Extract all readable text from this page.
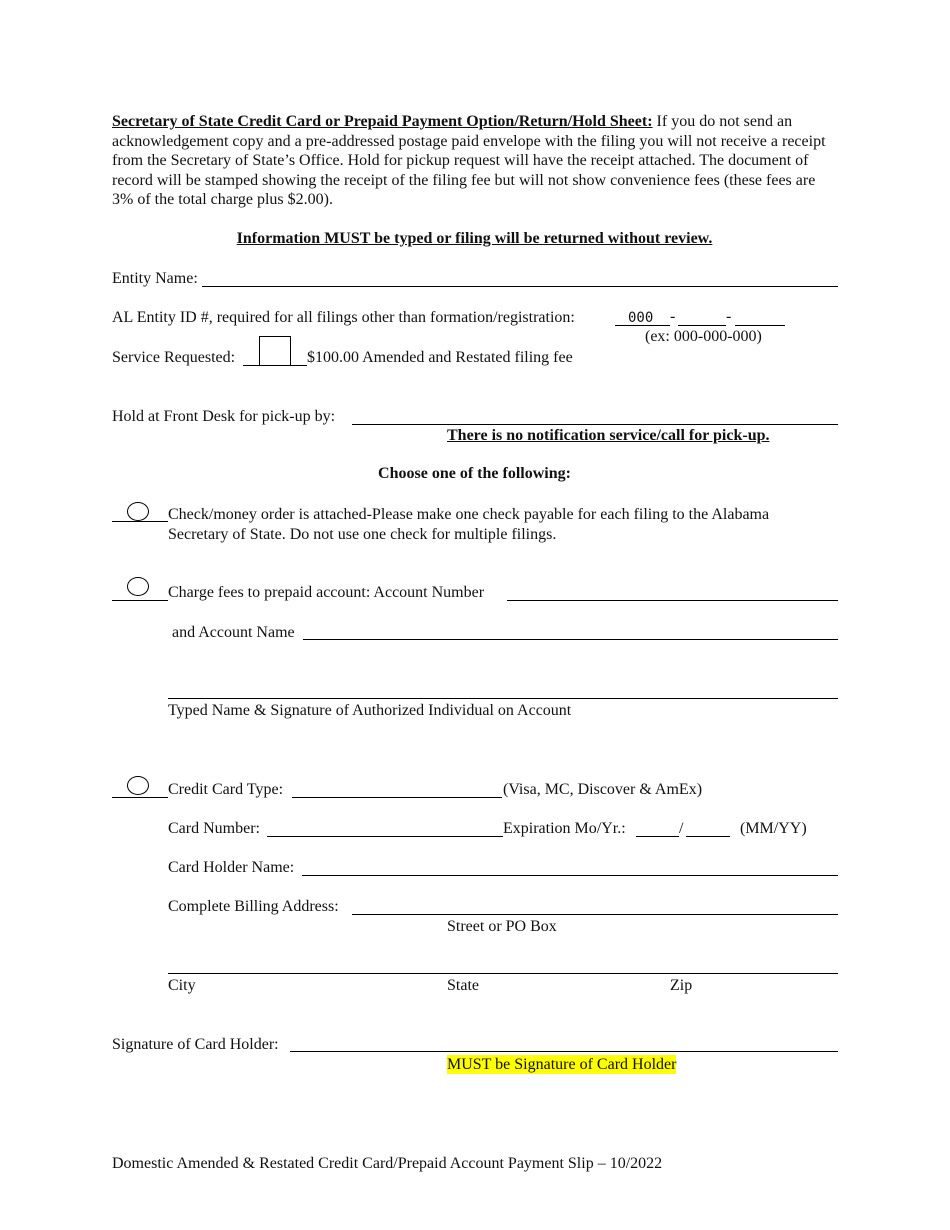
Secretary of State Credit Card or Prepaid Payment Option/Return/Hold Sheet: If you do not send an acknowledgement copy and a pre-addressed postage paid envelope with the filing you will not receive a receipt from the Secretary of State’s Office. Hold for pickup request will have the receipt attached. The document of record will be stamped showing the receipt of the filing fee but will not show convenience fees (these fees are 3% of the total charge plus $2.00).
Information MUST be typed or filing will be returned without review.
Entity Name:
AL Entity ID #, required for all filings other than formation/registration:	000 -	-
(ex: 000-000-000)
Service Requested:	$100.00 Amended and Restated filing fee
Hold at Front Desk for pick-up by:
There is no notification service/call for pick-up.
Choose one of the following:
Check/money order is attached-Please make one check payable for each filing to the Alabama
Secretary of State. Do not use one check for multiple filings.
Charge fees to prepaid account: Account Number
and Account Name
Typed Name & Signature of Authorized Individual on Account
Credit Card Type:	(Visa, MC, Discover & AmEx)
Card Number:	Expiration Mo/Yr.:	/	(MM/YY)
Card Holder Name:
Complete Billing Address:
Street or PO Box
City	State	Zip
Signature of Card Holder:
MUST be Signature of Card Holder
Domestic Amended & Restated Credit Card/Prepaid Account Payment Slip – 10/2022
